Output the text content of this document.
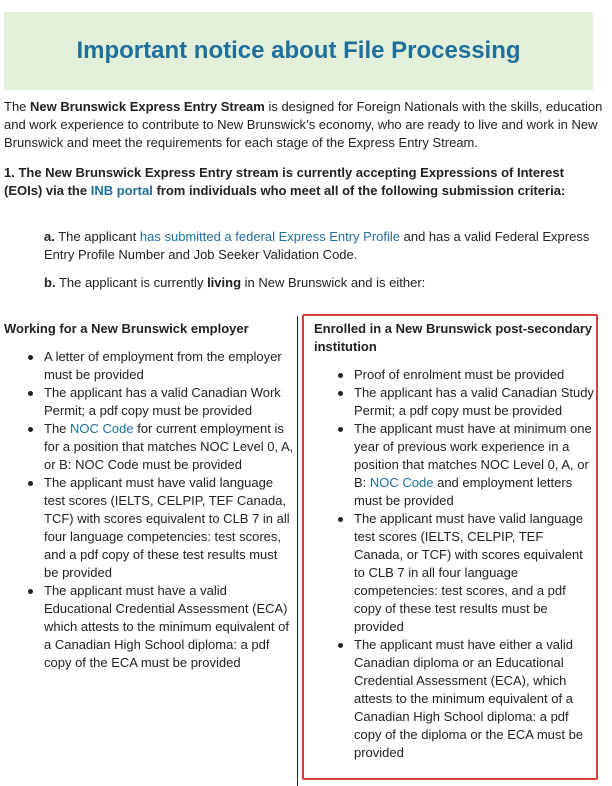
Important notice about File Processing

The New Brunswick Express Entry Stream is designed for Foreign Nationals with the skills, education and work experience to contribute to New Brunswick’s economy, who are ready to live and work in New Brunswick and meet the requirements for each stage of the Express Entry Stream.

1. The New Brunswick Express Entry stream is currently accepting Expressions of Interest (EOIs) via the INB portal from individuals who meet all of the following submission criteria:

a. The applicant has submitted a federal Express Entry Profile and has a valid Federal Express Entry Profile Number and Job Seeker Validation Code.

b. The applicant is currently living in New Brunswick and is either:

Working for a New Brunswick employer
A letter of employment from the employer must be provided
The applicant has a valid Canadian Work Permit; a pdf copy must be provided
The NOC Code for current employment is for a position that matches NOC Level 0, A, or B: NOC Code must be provided
The applicant must have valid language test scores (IELTS, CELPIP, TEF Canada, TCF) with scores equivalent to CLB 7 in all four language competencies: test scores, and a pdf copy of these test results must be provided
The applicant must have a valid Educational Credential Assessment (ECA) which attests to the minimum equivalent of a Canadian High School diploma: a pdf copy of the ECA must be provided
Enrolled in a New Brunswick post-secondary institution
Proof of enrolment must be provided
The applicant has a valid Canadian Study Permit; a pdf copy must be provided
The applicant must have at minimum one year of previous work experience in a position that matches NOC Level 0, A, or B: NOC Code and employment letters must be provided
The applicant must have valid language test scores (IELTS, CELPIP, TEF Canada, or TCF) with scores equivalent to CLB 7 in all four language competencies: test scores, and a pdf copy of these test results must be provided
The applicant must have either a valid Canadian diploma or an Educational Credential Assessment (ECA), which attests to the minimum equivalent of a Canadian High School diploma: a pdf copy of the diploma or the ECA must be provided
